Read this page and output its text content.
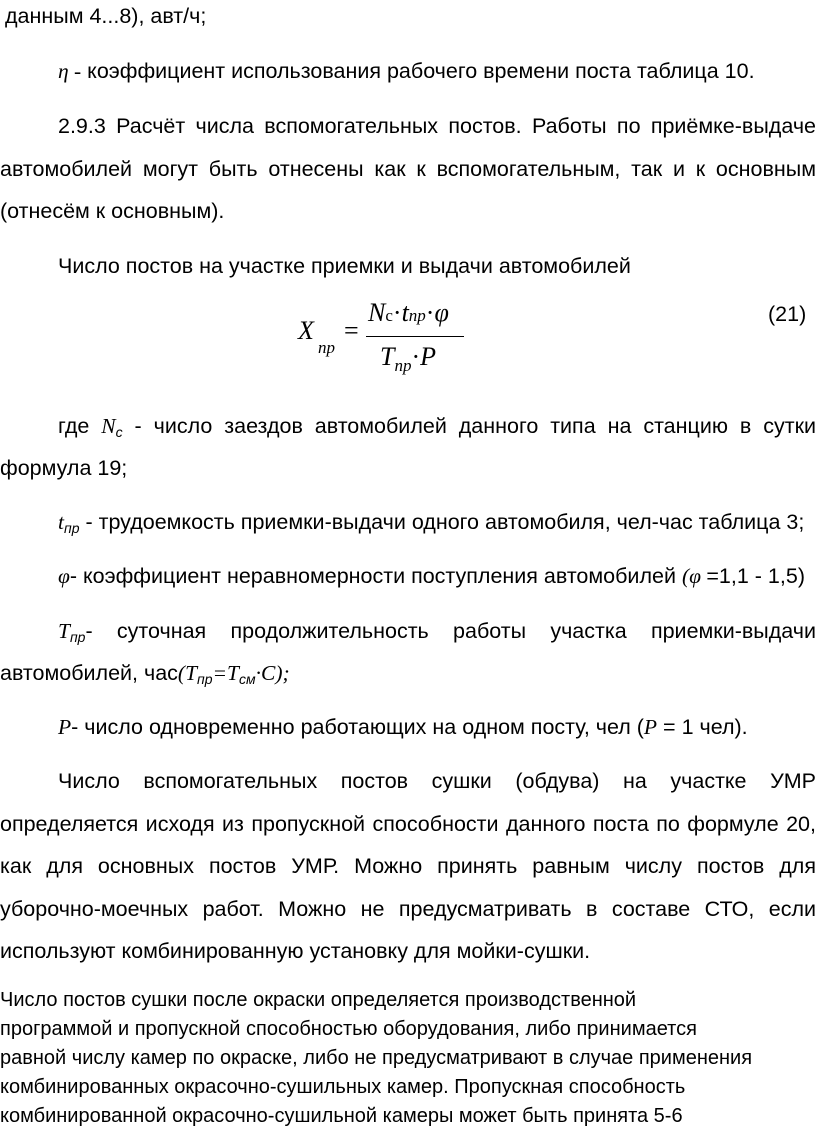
данным 4...8), авт/ч;
η - коэффициент использования рабочего времени поста таблица 10.
2.9.3 Расчёт числа вспомогательных постов. Работы по приёмке-выдаче
автомобилей могут быть отнесены как к вспомогательным, так и к основным
(отнесём к основным).
Число постов на участке приемки и выдачи автомобилей
X
пр
=
Nс·tпр·φ
$T_{пр}\cdot P$
(21)
где $N_c$ - число заездов автомобилей данного типа на станцию в сутки
формула 19;
$t_{пр}$ - трудоемкость приемки-выдачи одного автомобиля, чел-час таблица 3;
φ- коэффициент неравномерности поступления автомобилей (φ =1,1 - 1,5)
$T_{пр}-$ суточная продолжительность работы участка приемки-выдачи
автомобилей, $час(T_{пр}=T_{см}\cdot C)$;
P- число одновременно работающих на одном посту, чел (P = 1 чел).
Число вспомогательных постов сушки (обдува) на участке УМР
определяется исходя из пропускной способности данного поста по формуле 20,
как для основных постов УМР. Можно принять равным числу постов для
уборочно-моечных работ. Можно не предусматривать в составе СТО, если
используют комбинированную установку для мойки-сушки.
Число постов сушки после окраски определяется производственной
программой и пропускной способностью оборудования, либо принимается
равной числу камер по окраске, либо не предусматривают в случае применения
комбинированных окрасочно-сушильных камер. Пропускная способность
комбинированной окрасочно-сушильной камеры может быть принята 5-6
